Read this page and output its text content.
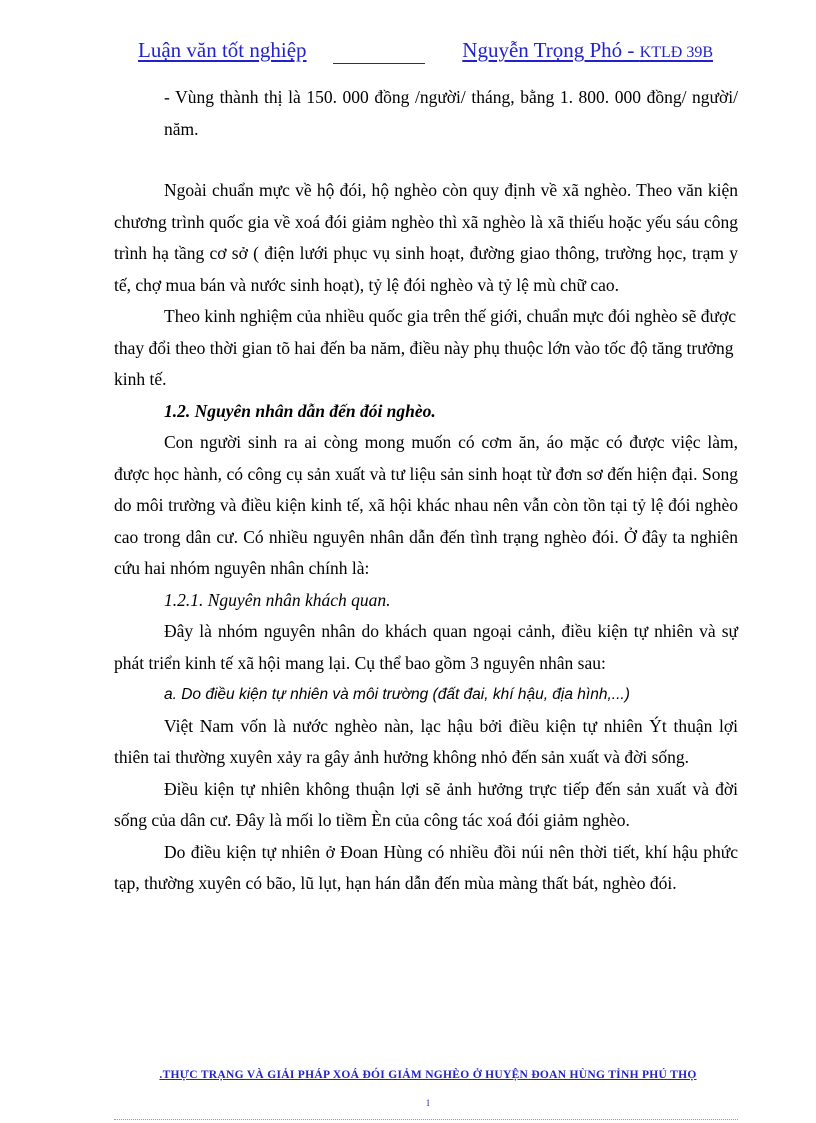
Luận văn tốt nghiệp	Nguyễn Trọng Phó - KTLĐ 39B

- Vùng thành thị là 150. 000 đồng /người/ tháng, bằng 1. 800. 000 đồng/ người/ năm.

Ngoài chuẩn mực về hộ đói, hộ nghèo còn quy định về xã nghèo. Theo văn kiện chương trình quốc gia về xoá đói giảm nghèo thì xã nghèo là xã thiếu hoặc yếu sáu công trình hạ tầng cơ sở ( điện lưới phục vụ sinh hoạt, đường giao thông, trường học, trạm y tế, chợ mua bán và nước sinh hoạt), tỷ lệ đói nghèo và tỷ lệ mù chữ cao.

Theo kinh nghiệm của nhiều quốc gia trên thế giới, chuẩn mực đói nghèo sẽ được thay đổi theo thời gian tõ hai đến ba năm, điều này phụ thuộc lớn vào tốc độ tăng trưởng kinh tế.

1.2. Nguyên nhân dẫn đến đói nghèo.

Con người sinh ra ai còng mong muốn có cơm ăn, áo mặc có được việc làm, được học hành, có công cụ sản xuất và tư liệu sản sinh hoạt từ đơn sơ đến hiện đại. Song do môi trường và điều kiện kinh tế, xã hội khác nhau nên vẫn còn tồn tại tỷ lệ đói nghèo cao trong dân cư. Có nhiều nguyên nhân dẫn đến tình trạng nghèo đói. Ở đây ta nghiên cứu hai nhóm nguyên nhân chính là:

1.2.1. Nguyên nhân khách quan.

Đây là nhóm nguyên nhân do khách quan ngoại cảnh, điều kiện tự nhiên và sự phát triển kinh tế xã hội mang lại. Cụ thể bao gồm 3 nguyên nhân sau:

a. Do điều kiện tự nhiên và môi trường (đất đai, khí hậu, địa hình,...)

Việt Nam vốn là nước nghèo nàn, lạc hậu bởi điều kiện tự nhiên Ýt thuận lợi thiên tai thường xuyên xảy ra gây ảnh hưởng không nhỏ đến sản xuất và đời sống.

Điều kiện tự nhiên không thuận lợi sẽ ảnh hưởng trực tiếp đến sản xuất và đời sống của dân cư. Đây là mối lo tiềm Èn của công tác xoá đói giảm nghèo.

Do điều kiện tự nhiên ở Đoan Hùng có nhiều đồi núi nên thời tiết, khí hậu phức tạp, thường xuyên có bão, lũ lụt, hạn hán dẫn đến mùa màng thất bát, nghèo đói.

.THỰC TRẠNG VÀ GIẢI PHÁP XOÁ ĐÓI GIẢM NGHÈO Ở HUYỆN ĐOAN HÙNG TỈNH PHÚ THỌ
1
